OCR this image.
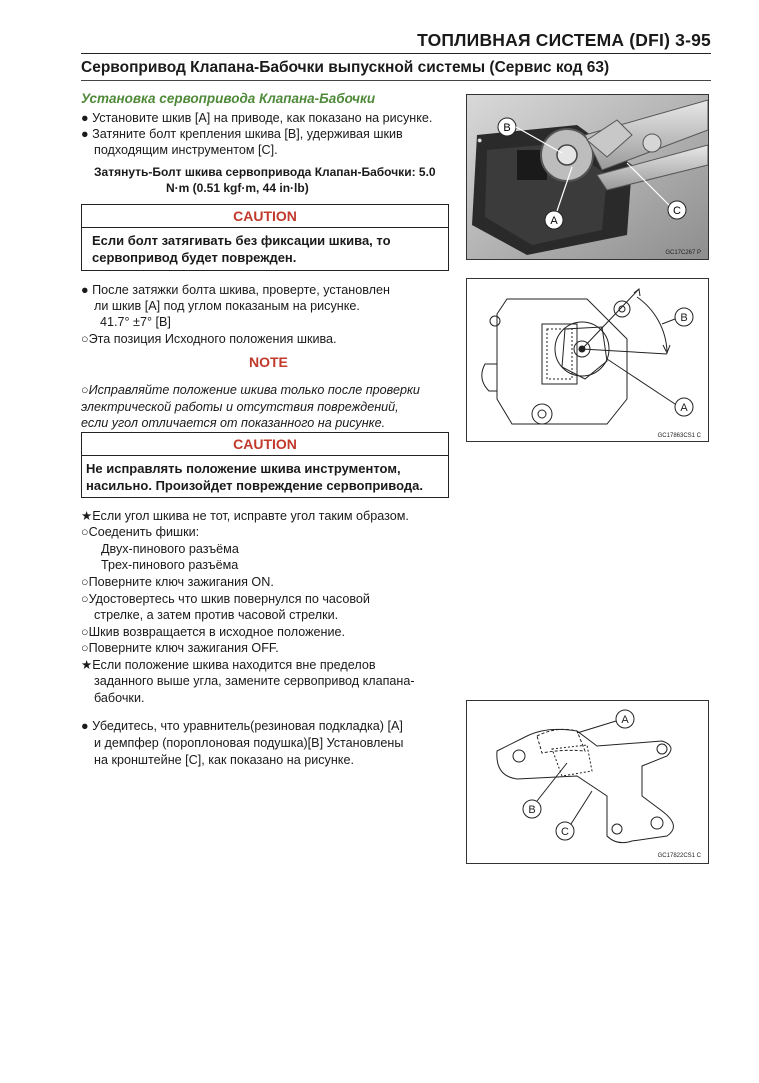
ТОПЛИВНАЯ СИСТЕМА (DFI) 3-95
Сервопривод Клапана-Бабочки выпускной системы (Сервис код 63)
Установка сервопривода Клапана-Бабочки
● Установите шкив [A] на приводе, как показано на рисунке.
● Затяните болт крепления шкива [B], удерживая шкив
подходящим инструментом [C].
Затянуть-Болт шкива сервопривода Клапан-Бабочки: 5.0
N·m (0.51 kgf·m, 44 in·lb)
CAUTION
Если болт затягивать без фиксации шкива, то
сервопривод будет поврежден.
● После затяжки болта шкива, проверте, установлен
ли шкив [A] под углом показаным на рисунке.
41.7° ±7° [B]
○Эта позиция Исходного положения шкива.
NOTE
○Исправляйте положение шкива только после проверки
электрической работы и отсутствия повреждений,
если угол отличается от показанного на рисунке.
CAUTION
Не исправлять положение шкива инструментом,
насильно. Произойдет повреждение сервопривода.
★Если угол шкива не тот, исправте угол таким образом.
○Соеденить фишки:
Двух-пинового разъёма
Трех-пинового разъёма
○Поверните ключ зажигания ON.
○Удостовертесь что шкив повернулся по часовой
стрелке, а затем против часовой стрелки.
○Шкив возвращается в исходное положение.
○Поверните ключ зажигания OFF.
★Если положение шкива находится вне пределов
заданного выше угла, замените сервопривод клапана-
бабочки.
● Убедитесь, что уравнитель(резиновая подкладка) [A]
и демпфер (пороплоновая подушка)[B] Установлены
на кронштейне [C], как показано на рисунке.
●
B
A
C
GC17C267 P
B
A
GC17863CS1 C
A
B
C
GC17822CS1 C
